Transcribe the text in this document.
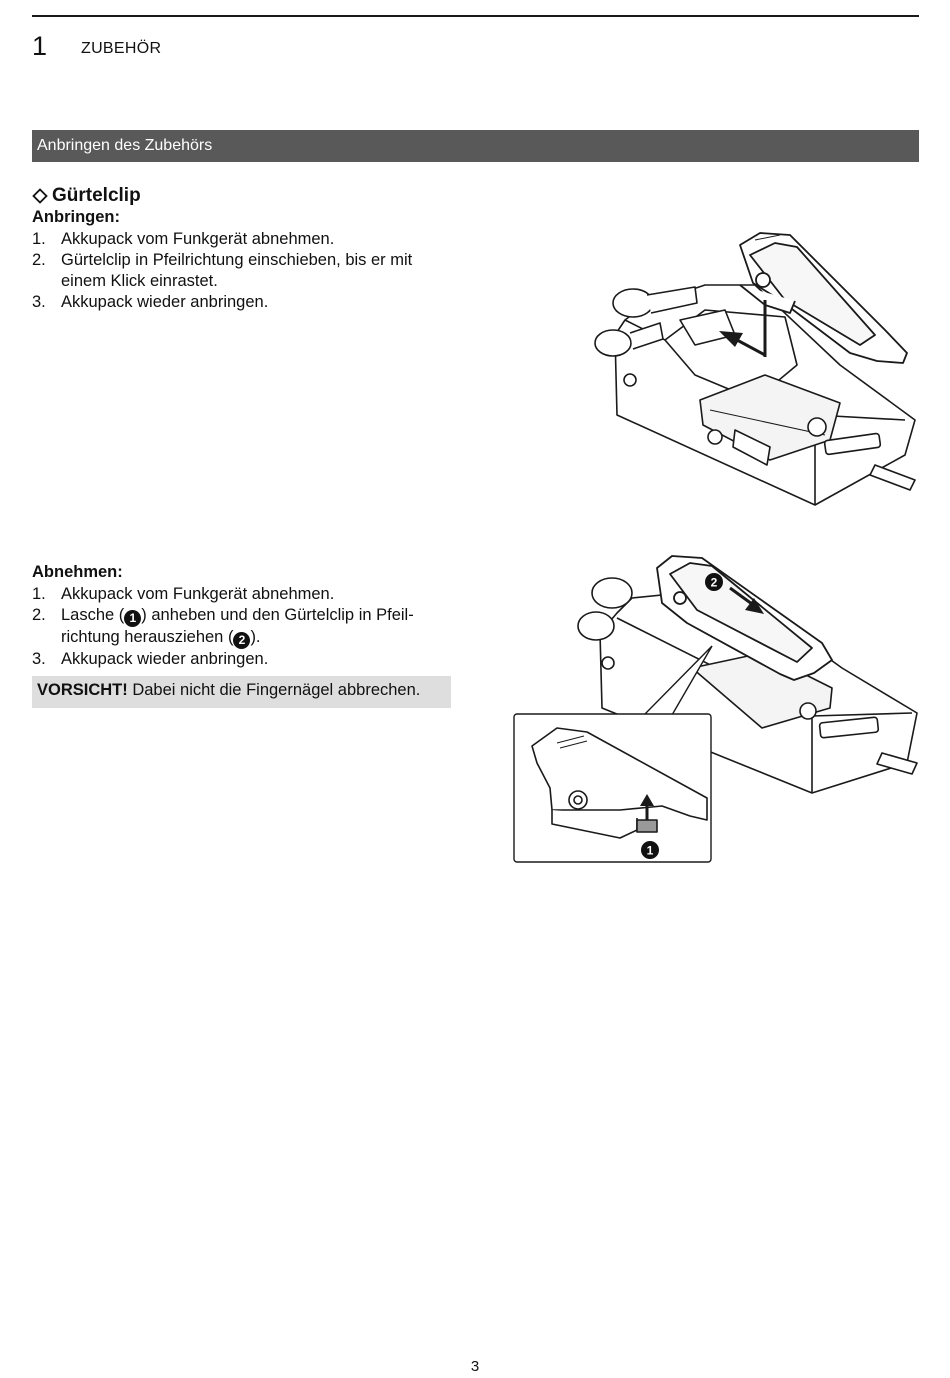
1 ZUBEHÖR
Anbringen des Zubehörs
Gürtelclip
Anbringen:
1. Akkupack vom Funkgerät abnehmen.
2. Gürtelclip in Pfeilrichtung einschieben, bis er mit einem Klick einrastet.
3. Akkupack wieder anbringen.
Abnehmen:
1. Akkupack vom Funkgerät abnehmen.
2. Lasche ( 1 ) anheben und den Gürtelclip in Pfeil-richtung herausziehen ( 2 ).
3. Akkupack wieder anbringen.
VORSICHT! Dabei nicht die Fingernägel abbrechen.
2
1
3
